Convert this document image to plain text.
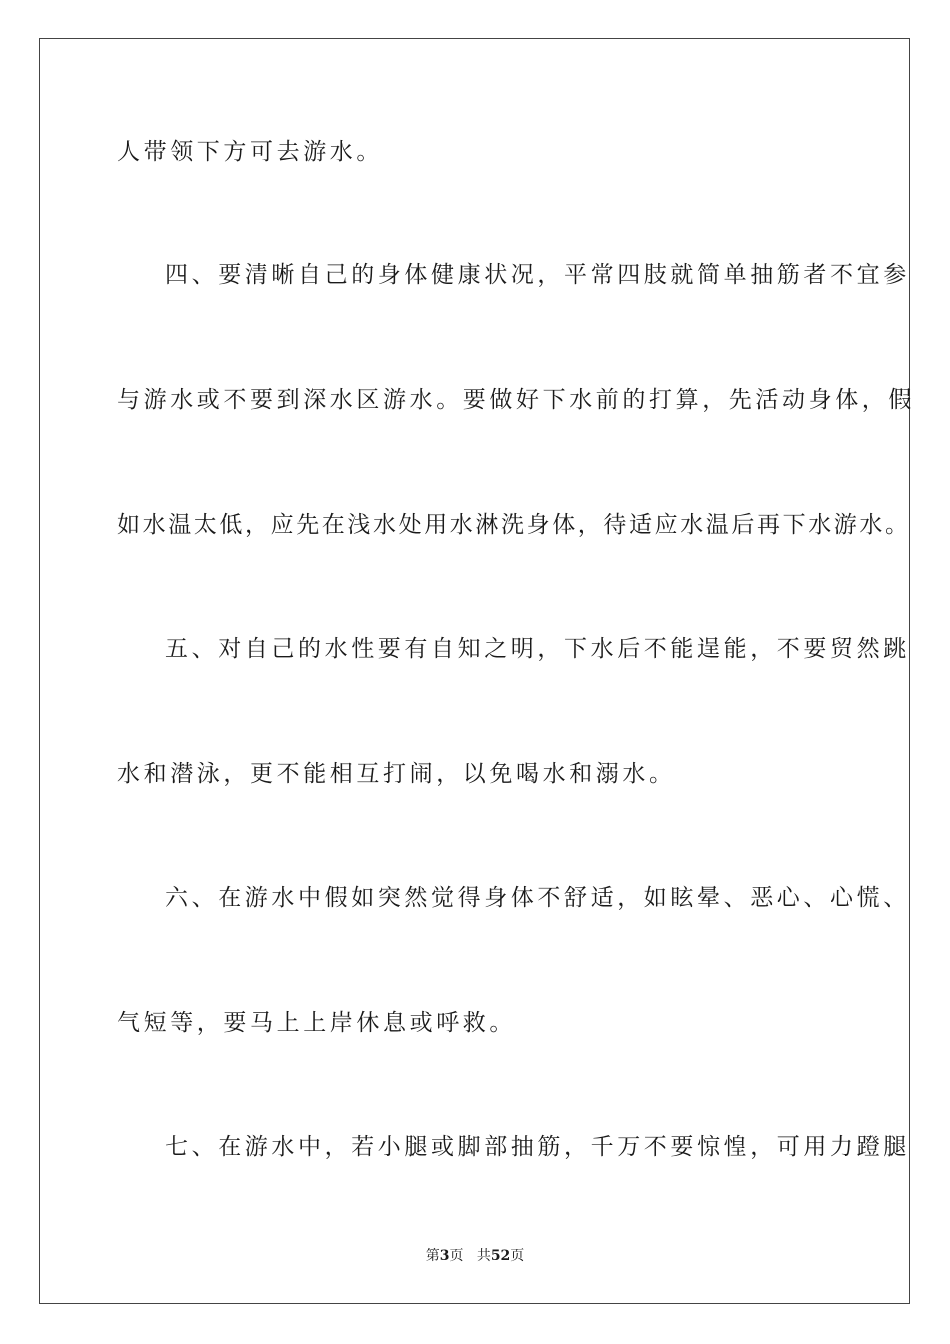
人带领下方可去游水。
四、要清晰自己的身体健康状况，平常四肢就简单抽筋者不宜参
与游水或不要到深水区游水。要做好下水前的打算，先活动身体，假
如水温太低，应先在浅水处用水淋洗身体，待适应水温后再下水游水。
五、对自己的水性要有自知之明，下水后不能逞能，不要贸然跳
水和潜泳，更不能相互打闹，以免喝水和溺水。
六、在游水中假如突然觉得身体不舒适，如眩晕、恶心、心慌、
气短等，要马上上岸休息或呼救。
七、在游水中，若小腿或脚部抽筋，千万不要惊惶，可用力蹬腿
第3页 共52页
